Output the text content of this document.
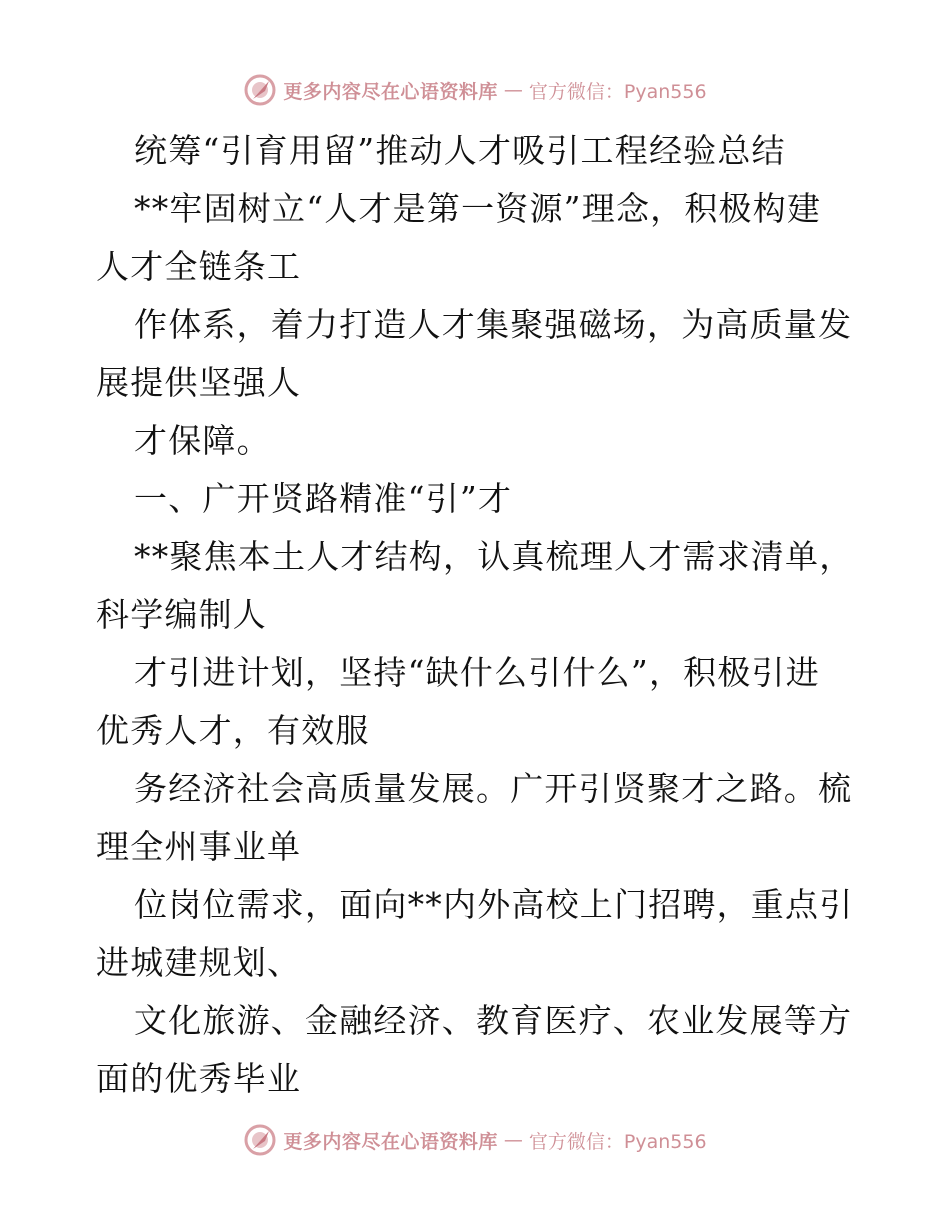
更多内容尽在心语资料库 — 官方微信：Pyan556
统筹“引育用留”推动人才吸引工程经验总结
**牢固树立“人才是第一资源”理念，积极构建
人才全链条工
作体系，着力打造人才集聚强磁场，为高质量发
展提供坚强人
才保障。
一、广开贤路精准“引”才
**聚焦本土人才结构，认真梳理人才需求清单，
科学编制人
才引进计划，坚持“缺什么引什么”，积极引进
优秀人才，有效服
务经济社会高质量发展。广开引贤聚才之路。梳
理全州事业单
位岗位需求，面向**内外高校上门招聘，重点引
进城建规划、
文化旅游、金融经济、教育医疗、农业发展等方
面的优秀毕业
更多内容尽在心语资料库 — 官方微信：Pyan556
